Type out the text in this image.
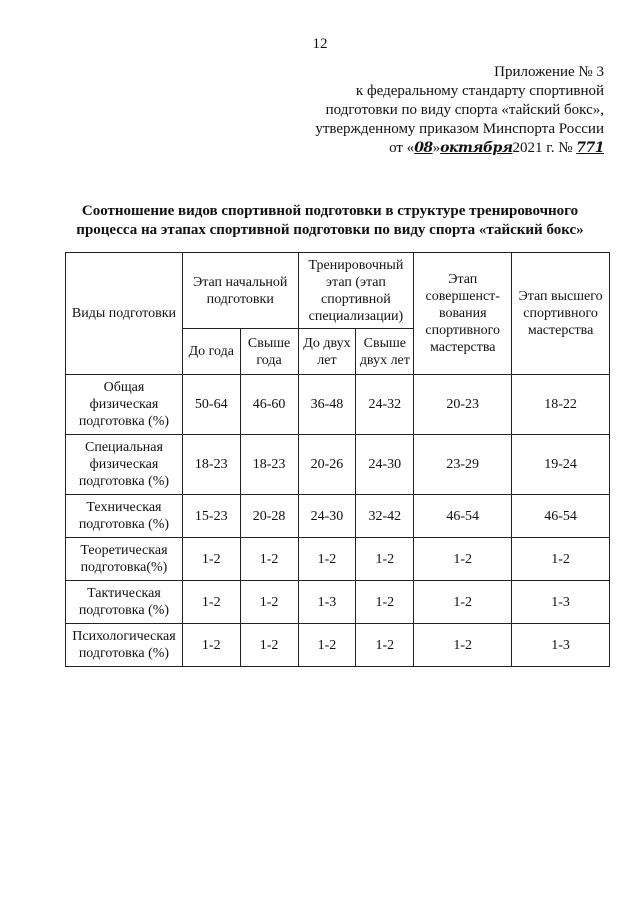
12
Приложение № 3
к федеральному стандарту спортивной
подготовки по виду спорта «тайский бокс»,
утвержденному приказом Минспорта России
от «08»октября2021 г. № 771
Соотношение видов спортивной подготовки в структуре тренировочного
процесса на этапах спортивной подготовки по виду спорта «тайский бокс»
Виды подготовки	Этап начальной подготовки		Тренировочный этап (этап спортивной специализации)		Этап совершенст-вования спортивного мастерства	Этап высшего спортивного мастерства
	До года	Свыше года	До двух лет	Свыше двух лет		
Общая физическая подготовка (%)	50-64	46-60	36-48	24-32	20-23	18-22
Специальная физическая подготовка (%)	18-23	18-23	20-26	24-30	23-29	19-24
Техническая подготовка (%)	15-23	20-28	24-30	32-42	46-54	46-54
Теоретическая подготовка(%)	1-2	1-2	1-2	1-2	1-2	1-2
Тактическая подготовка (%)	1-2	1-2	1-3	1-2	1-2	1-3
Психологическая подготовка (%)	1-2	1-2	1-2	1-2	1-2	1-3
